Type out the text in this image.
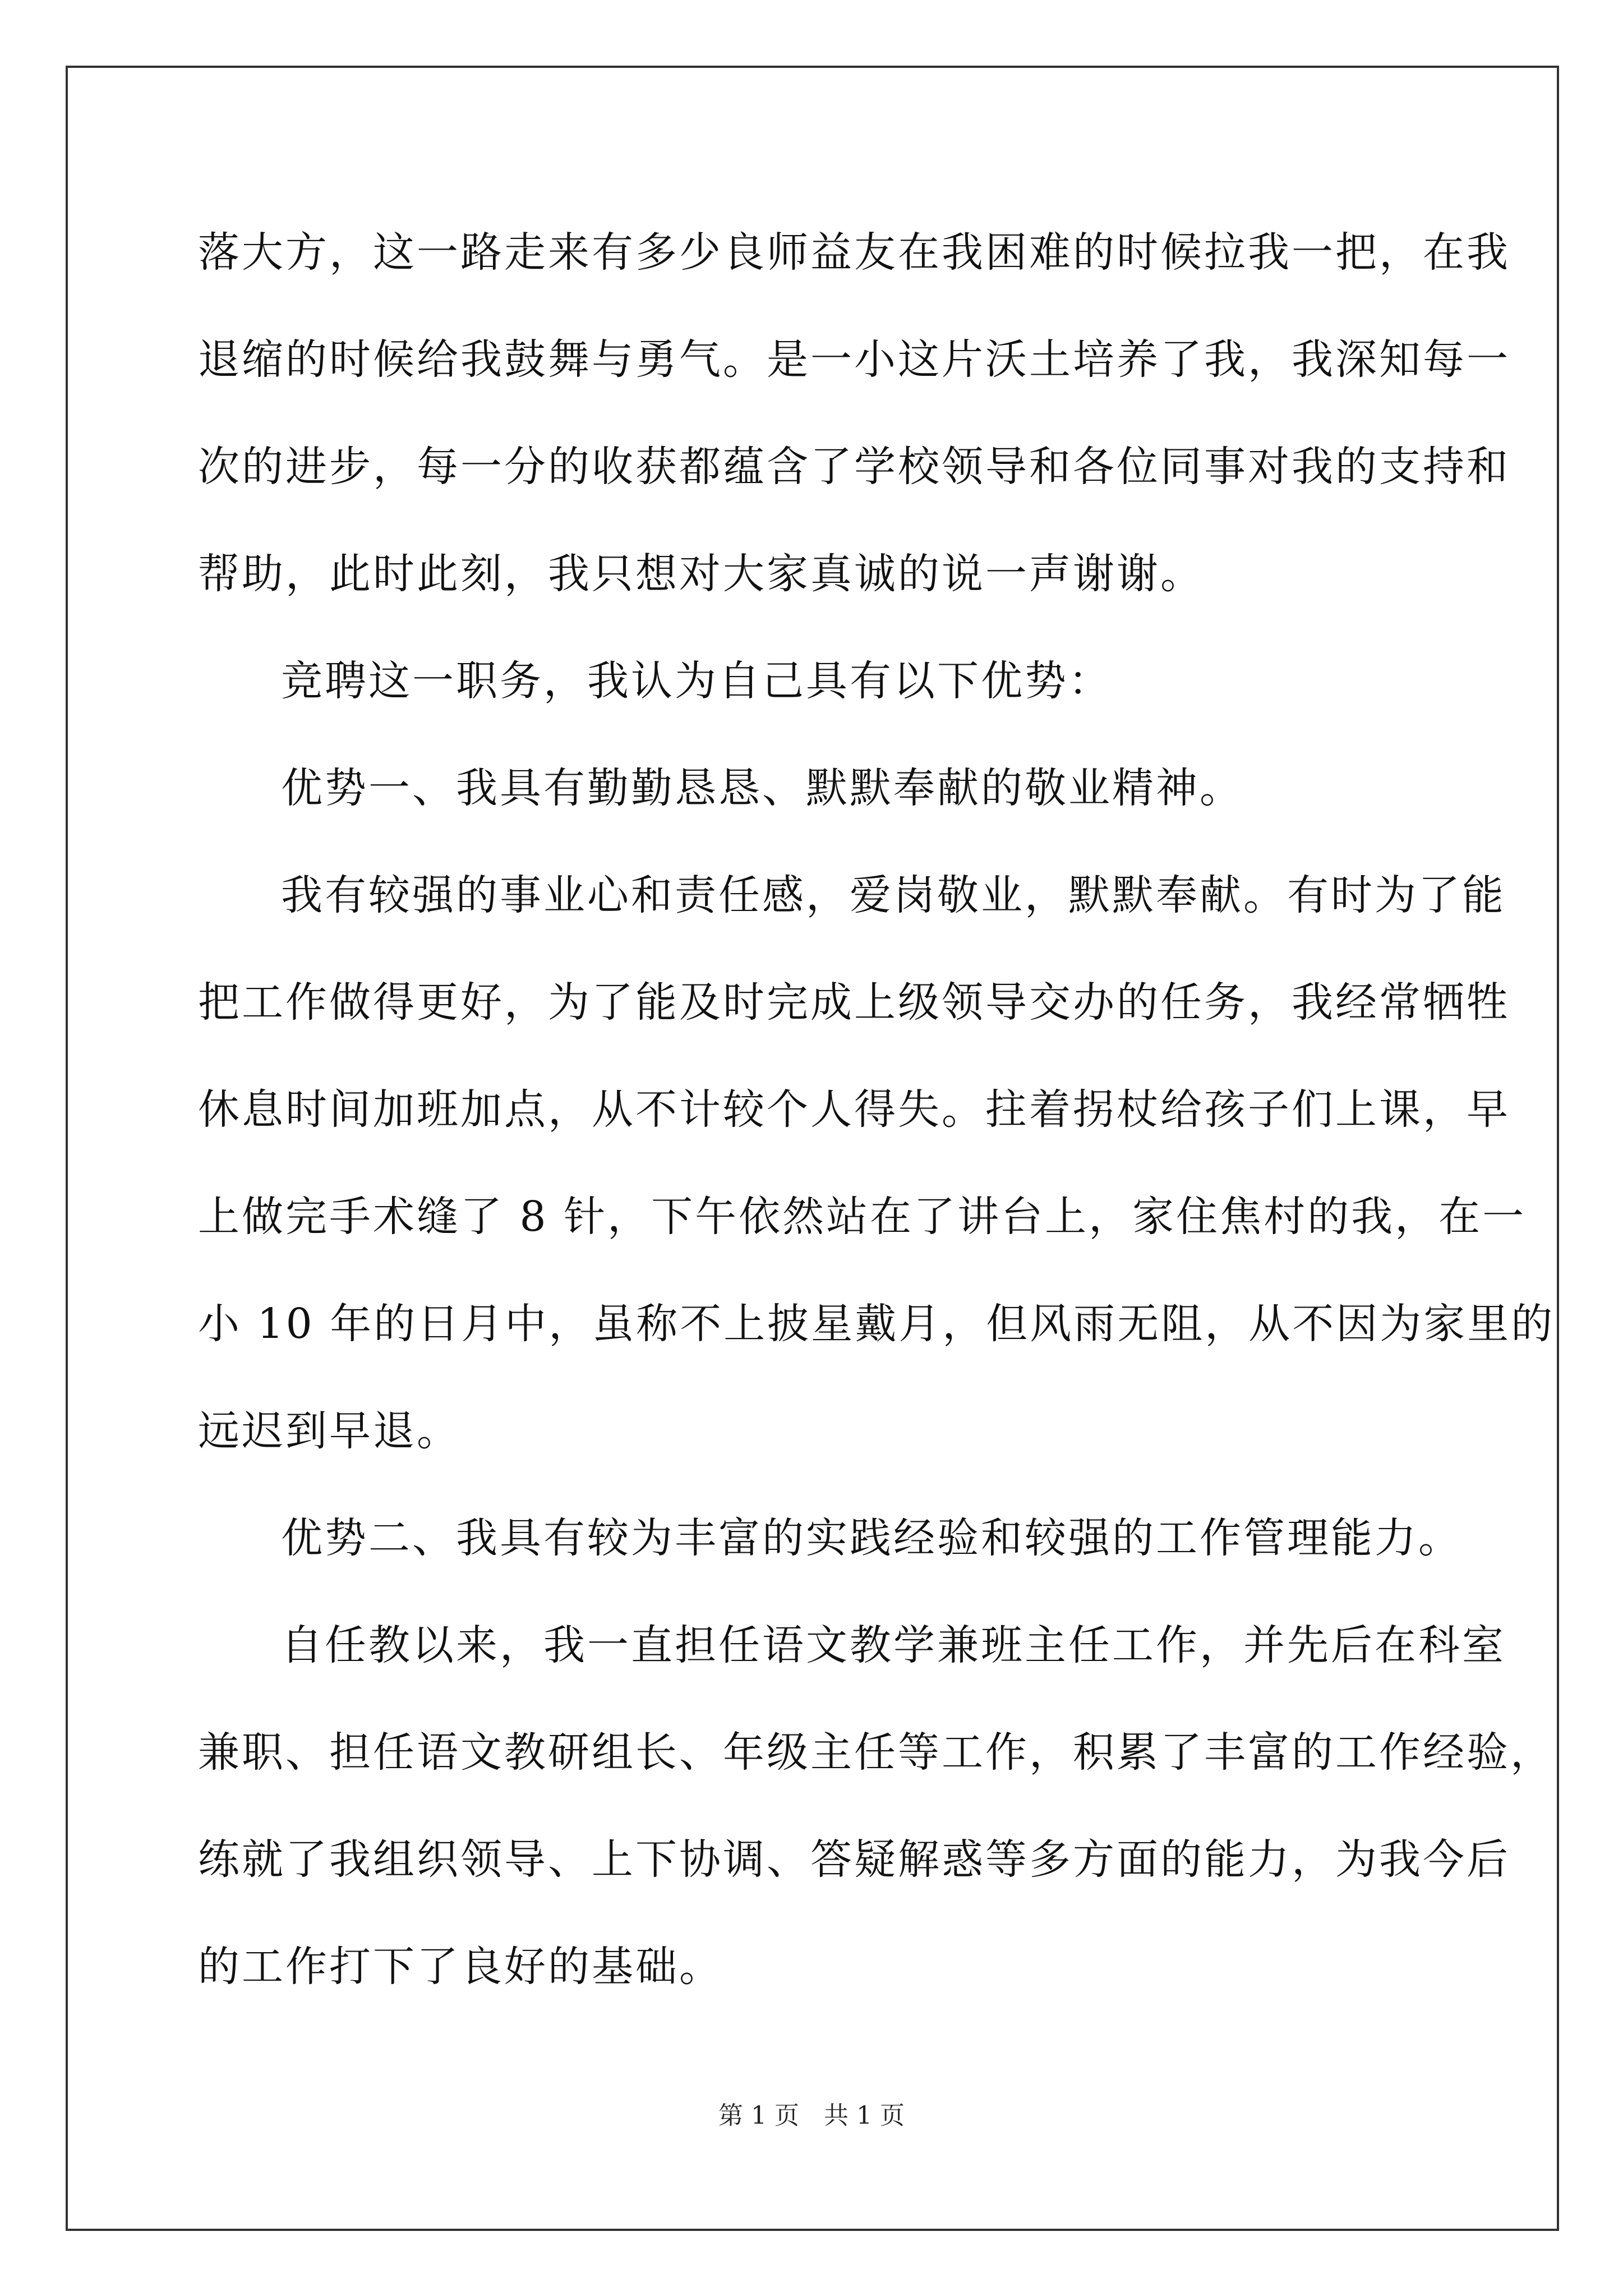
落大方，这一路走来有多少良师益友在我困难的时候拉我一把，在我
退缩的时候给我鼓舞与勇气。是一小这片沃土培养了我，我深知每一
次的进步，每一分的收获都蕴含了学校领导和各位同事对我的支持和
帮助，此时此刻，我只想对大家真诚的说一声谢谢。
竞聘这一职务，我认为自己具有以下优势：
优势一、我具有勤勤恳恳、默默奉献的敬业精神。
我有较强的事业心和责任感，爱岗敬业，默默奉献。有时为了能
把工作做得更好，为了能及时完成上级领导交办的任务，我经常牺牲
休息时间加班加点，从不计较个人得失。拄着拐杖给孩子们上课，早
上做完手术缝了 8 针，下午依然站在了讲台上，家住焦村的我，在一
小 10 年的日月中，虽称不上披星戴月，但风雨无阻，从不因为家里的
远迟到早退。
优势二、我具有较为丰富的实践经验和较强的工作管理能力。
自任教以来，我一直担任语文教学兼班主任工作，并先后在科室
兼职、担任语文教研组长、年级主任等工作，积累了丰富的工作经验，
练就了我组织领导、上下协调、答疑解惑等多方面的能力，为我今后
的工作打下了良好的基础。
第 1 页　共 1 页
